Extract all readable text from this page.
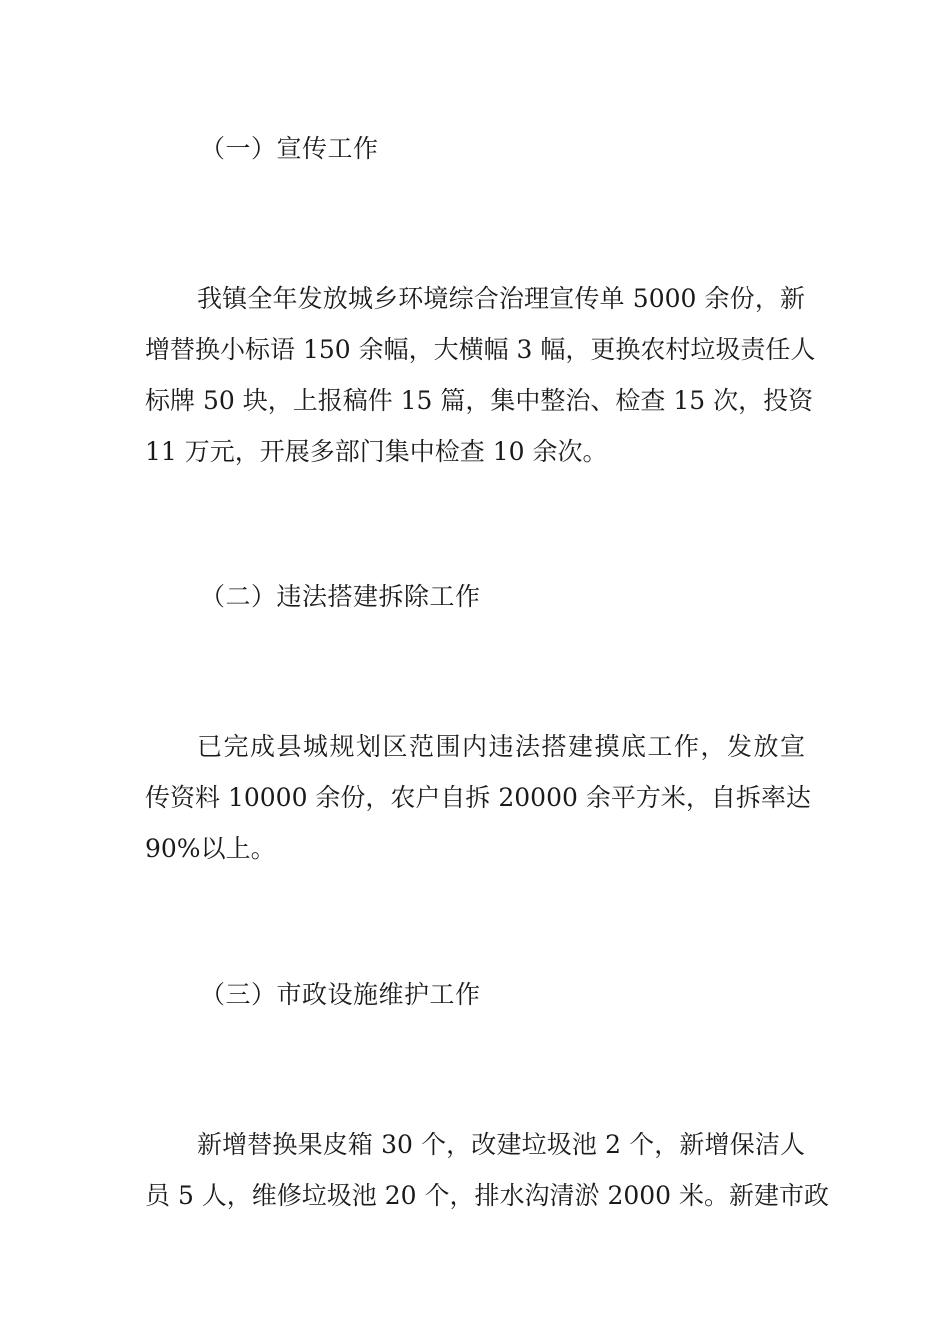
（一）宣传工作
我镇全年发放城乡环境综合治理宣传单 5000 余份，新
增替换小标语 150 余幅，大横幅 3 幅，更换农村垃圾责任人
标牌 50 块，上报稿件 15 篇，集中整治、检查 15 次，投资
11 万元，开展多部门集中检查 10 余次。
（二）违法搭建拆除工作
已完成县城规划区范围内违法搭建摸底工作，发放宣
传资料 10000 余份，农户自拆 20000 余平方米，自拆率达
90%以上。
（三）市政设施维护工作
新增替换果皮箱 30 个，改建垃圾池 2 个，新增保洁人
员 5 人，维修垃圾池 20 个，排水沟清淤 2000 米。新建市政
